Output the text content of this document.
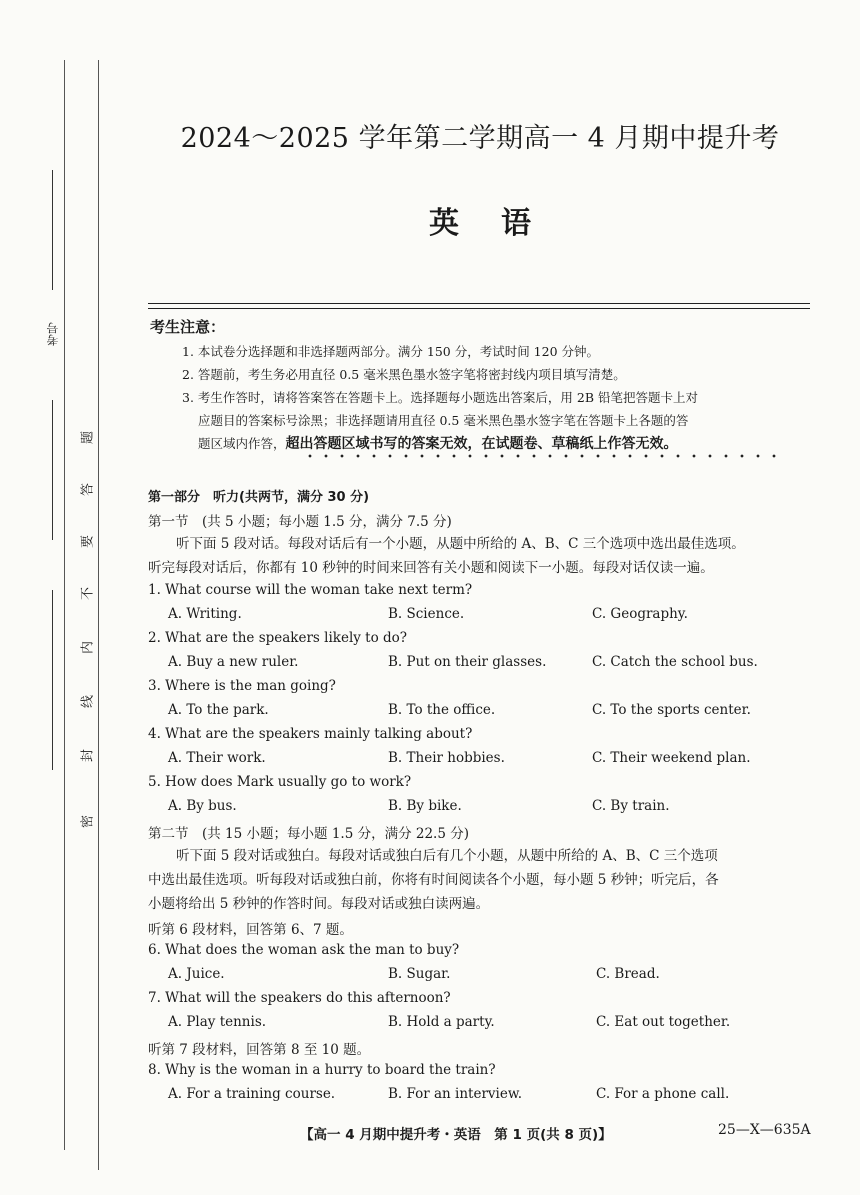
考号
密
封
线
内
不
要
答
题
2024～2025 学年第二学期高一 4 月期中提升考
英语
考生注意：
1. 本试卷分选择题和非选择题两部分。满分 150 分，考试时间 120 分钟。
2. 答题前，考生务必用直径 0.5 毫米黑色墨水签字笔将密封线内项目填写清楚。
3. 考生作答时，请将答案答在答题卡上。选择题每小题选出答案后，用 2B 铅笔把答题卡上对
应题目的答案标号涂黑；非选择题请用直径 0.5 毫米黑色墨水签字笔在答题卡上各题的答
题区域内作答，超出答题区域书写的答案无效，在试题卷、草稿纸上作答无效。
第一部分　听力(共两节，满分 30 分)
第一节　(共 5 小题；每小题 1.5 分，满分 7.5 分)
听下面 5 段对话。每段对话后有一个小题，从题中所给的 A、B、C 三个选项中选出最佳选项。
听完每段对话后，你都有 10 秒钟的时间来回答有关小题和阅读下一小题。每段对话仅读一遍。
1. What course will the woman take next term?
A. Writing.	B. Science.	C. Geography.
2. What are the speakers likely to do?
A. Buy a new ruler.	B. Put on their glasses.	C. Catch the school bus.
3. Where is the man going?
A. To the park.	B. To the office.	C. To the sports center.
4. What are the speakers mainly talking about?
A. Their work.	B. Their hobbies.	C. Their weekend plan.
5. How does Mark usually go to work?
A. By bus.	B. By bike.	C. By train.
第二节　(共 15 小题；每小题 1.5 分，满分 22.5 分)
听下面 5 段对话或独白。每段对话或独白后有几个小题，从题中所给的 A、B、C 三个选项
中选出最佳选项。听每段对话或独白前，你将有时间阅读各个小题，每小题 5 秒钟；听完后，各
小题将给出 5 秒钟的作答时间。每段对话或独白读两遍。
听第 6 段材料，回答第 6、7 题。
6. What does the woman ask the man to buy?
A. Juice.	B. Sugar.	C. Bread.
7. What will the speakers do this afternoon?
A. Play tennis.	B. Hold a party.	C. Eat out together.
听第 7 段材料，回答第 8 至 10 题。
8. Why is the woman in a hurry to board the train?
A. For a training course.	B. For an interview.	C. For a phone call.
【高一 4 月期中提升考・英语　第 1 页(共 8 页)】	25—X—635A
